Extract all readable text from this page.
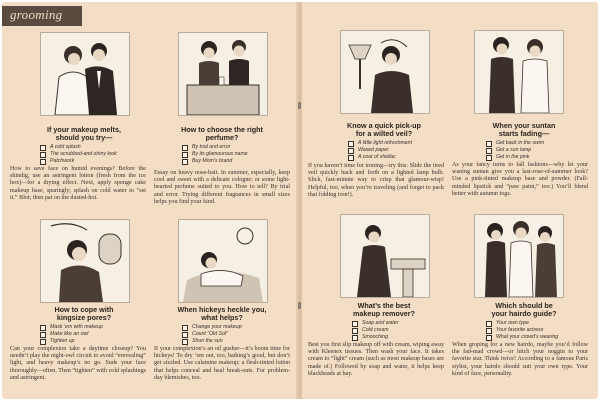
grooming
If your makeup melts,
should you try—
A cold splash
The scrubbed-and-shiny look
Patchwork
How to save face on humid evenings? Before the shindig, use an astringent lotion (fresh from the ice box)—for a drying effect. Next, apply sponge cake makeup base, sparingly; splash on cold water to “set it.” Blot; then pat on the dusted-hot.
How to choose the right
perfume?
By trial and error
By its glamourous name
Buy Mom’s brand
Essay on heavy nose-bait. In summer, especially, keep cool and sweet with a delicate cologne; or some light-hearted perfume suited to you. How to tell? By trial and error. Trying different fragrances in small sizes helps you find your kind.
How to cope with
kingsize pores?
Mask ’em with makeup
Make like an owl
Tighten up
Can your complexion take a daytime closeup? You needn’t play the night-owl circuit to avoid “erevealing” light, and heavy makeup’s no go. Suds your face thoroughly—often. Then “tighten” with cold splashings and astringent.
When hickeys heckle you,
what helps?
Change your makeup
Count “Old Sol”
Shun the sun
If your complexion’s an oil gusher—it’s boom time for hickeys! To dry ’em out, too, bathing’s good, but don’t get sizzled. Use calamine makeup; a flesh-tinted lotion that helps conceal and heal break-outs. For problem-day blemishes, too.
Know a quick pick-up
for a wilted veil?
A little light refreshment
Waxed paper
A coat of shellac
If you haven’t time for ironing—try this: Slide the tired veil quickly back and forth on a lighted lamp bulb. Slick, fast-minute way to crisp that glamour-wisp! Helpful, too, when you’re traveling (and forget to pack that folding iron!).
When your suntan
starts fading—
Get back in the swim
Get a sun lamp
Get in the pink
As your fancy turns to fall fashions—why let your waning suntan give you a last-rose-of-summer look? Use a pink-tinted makeup base and powder. (Fall-minded lipstick and “paw paint,” too.) You’ll blend better with autumn togs.
What’s the best
makeup remover?
Soap and water
Cold cream
Smooching
Best you first slip makeup off with cream, wiping away with Kleenex tissues. Then wash your face. It takes cream to “light” cream (such as most makeup bases are made of.) Followed by soap and water, it helps keep blackheads at bay.
Which should be
your hairdo guide?
Your own type
Your favorite actress
What your crowd’s wearing
When groping for a new hairdo, maybe you’d follow the fad-mad crowd—or hitch your noggin to your favorite star. Think twice! According to a famous Paris stylist, your hairdo should suit your own type. Your kind of face, personality.
